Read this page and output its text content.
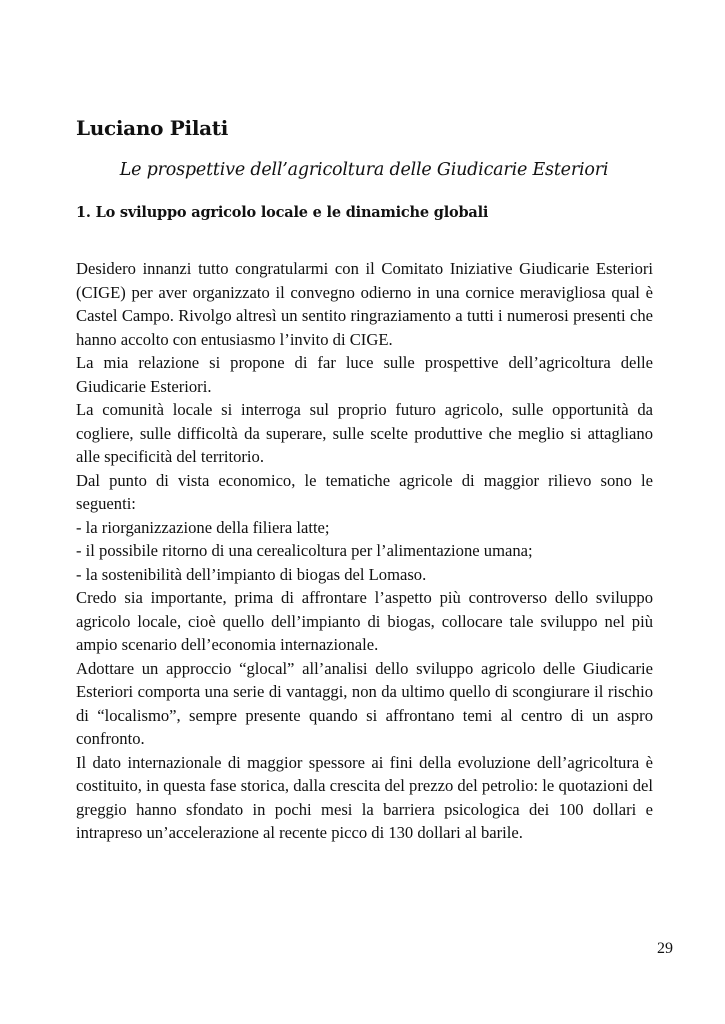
Luciano Pilati
Le prospettive dell’agricoltura delle Giudicarie Esteriori
1. Lo sviluppo agricolo locale e le dinamiche globali

Desidero innanzi tutto congratularmi con il Comitato Iniziative Giudicarie Esteriori (CIGE) per aver organizzato il convegno odierno in una cornice meravigliosa qual è Castel Campo. Rivolgo altresì un sentito ringraziamento a tutti i numerosi presenti che hanno accolto con entusiasmo l’invito di CIGE.

La mia relazione si propone di far luce sulle prospettive dell’agricoltura delle Giudicarie Esteriori.

La comunità locale si interroga sul proprio futuro agricolo, sulle opportunità da cogliere, sulle difficoltà da superare, sulle scelte produttive che meglio si attagliano alle specificità del territorio.

Dal punto di vista economico, le tematiche agricole di maggior rilievo sono le seguenti:

- la riorganizzazione della filiera latte;

- il possibile ritorno di una cerealicoltura per l’alimentazione umana;

- la sostenibilità dell’impianto di biogas del Lomaso.

Credo sia importante, prima di affrontare l’aspetto più controverso dello sviluppo agricolo locale, cioè quello dell’impianto di biogas, collocare tale sviluppo nel più ampio scenario dell’economia internazionale.

Adottare un approccio “glocal” all’analisi dello sviluppo agricolo delle Giudicarie Esteriori comporta una serie di vantaggi, non da ultimo quello di scongiurare il rischio di “localismo”, sempre presente quando si affrontano temi al centro di un aspro confronto.

Il dato internazionale di maggior spessore ai fini della evoluzione dell’agricoltura è costituito, in questa fase storica, dalla crescita del prezzo del petrolio: le quotazioni del greggio hanno sfondato in pochi mesi la barriera psicologica dei 100 dollari e intrapreso un’accelerazione al recente picco di 130 dollari al barile.

29
